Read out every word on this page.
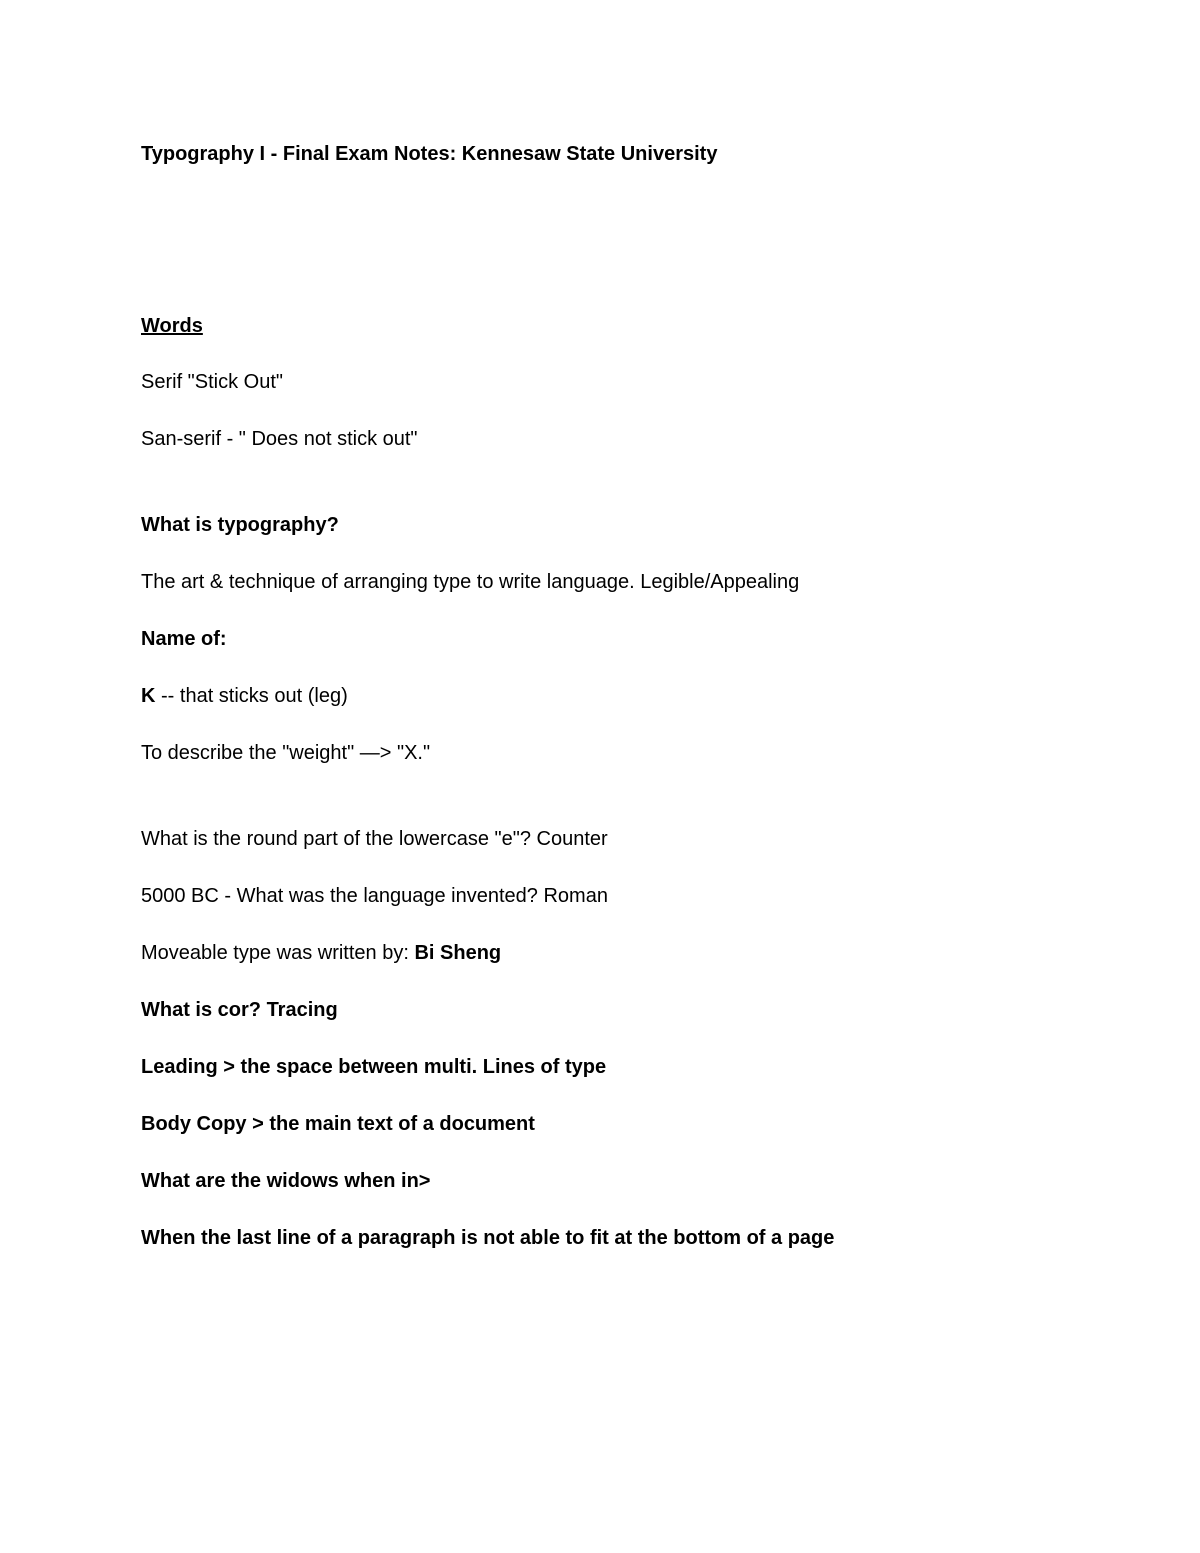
Typography I - Final Exam Notes: Kennesaw State University

Words

Serif "Stick Out"

San-serif - " Does not stick out"

What is typography?

The art & technique of arranging type to write language. Legible/Appealing

Name of:

K -- that sticks out (leg)

To describe the "weight" —> "X."

What is the round part of the lowercase "e"? Counter

5000 BC - What was the language invented? Roman

Moveable type was written by: Bi Sheng

What is cor? Tracing

Leading > the space between multi. Lines of type

Body Copy > the main text of a document

What are the widows when in>

When the last line of a paragraph is not able to fit at the bottom of a page
